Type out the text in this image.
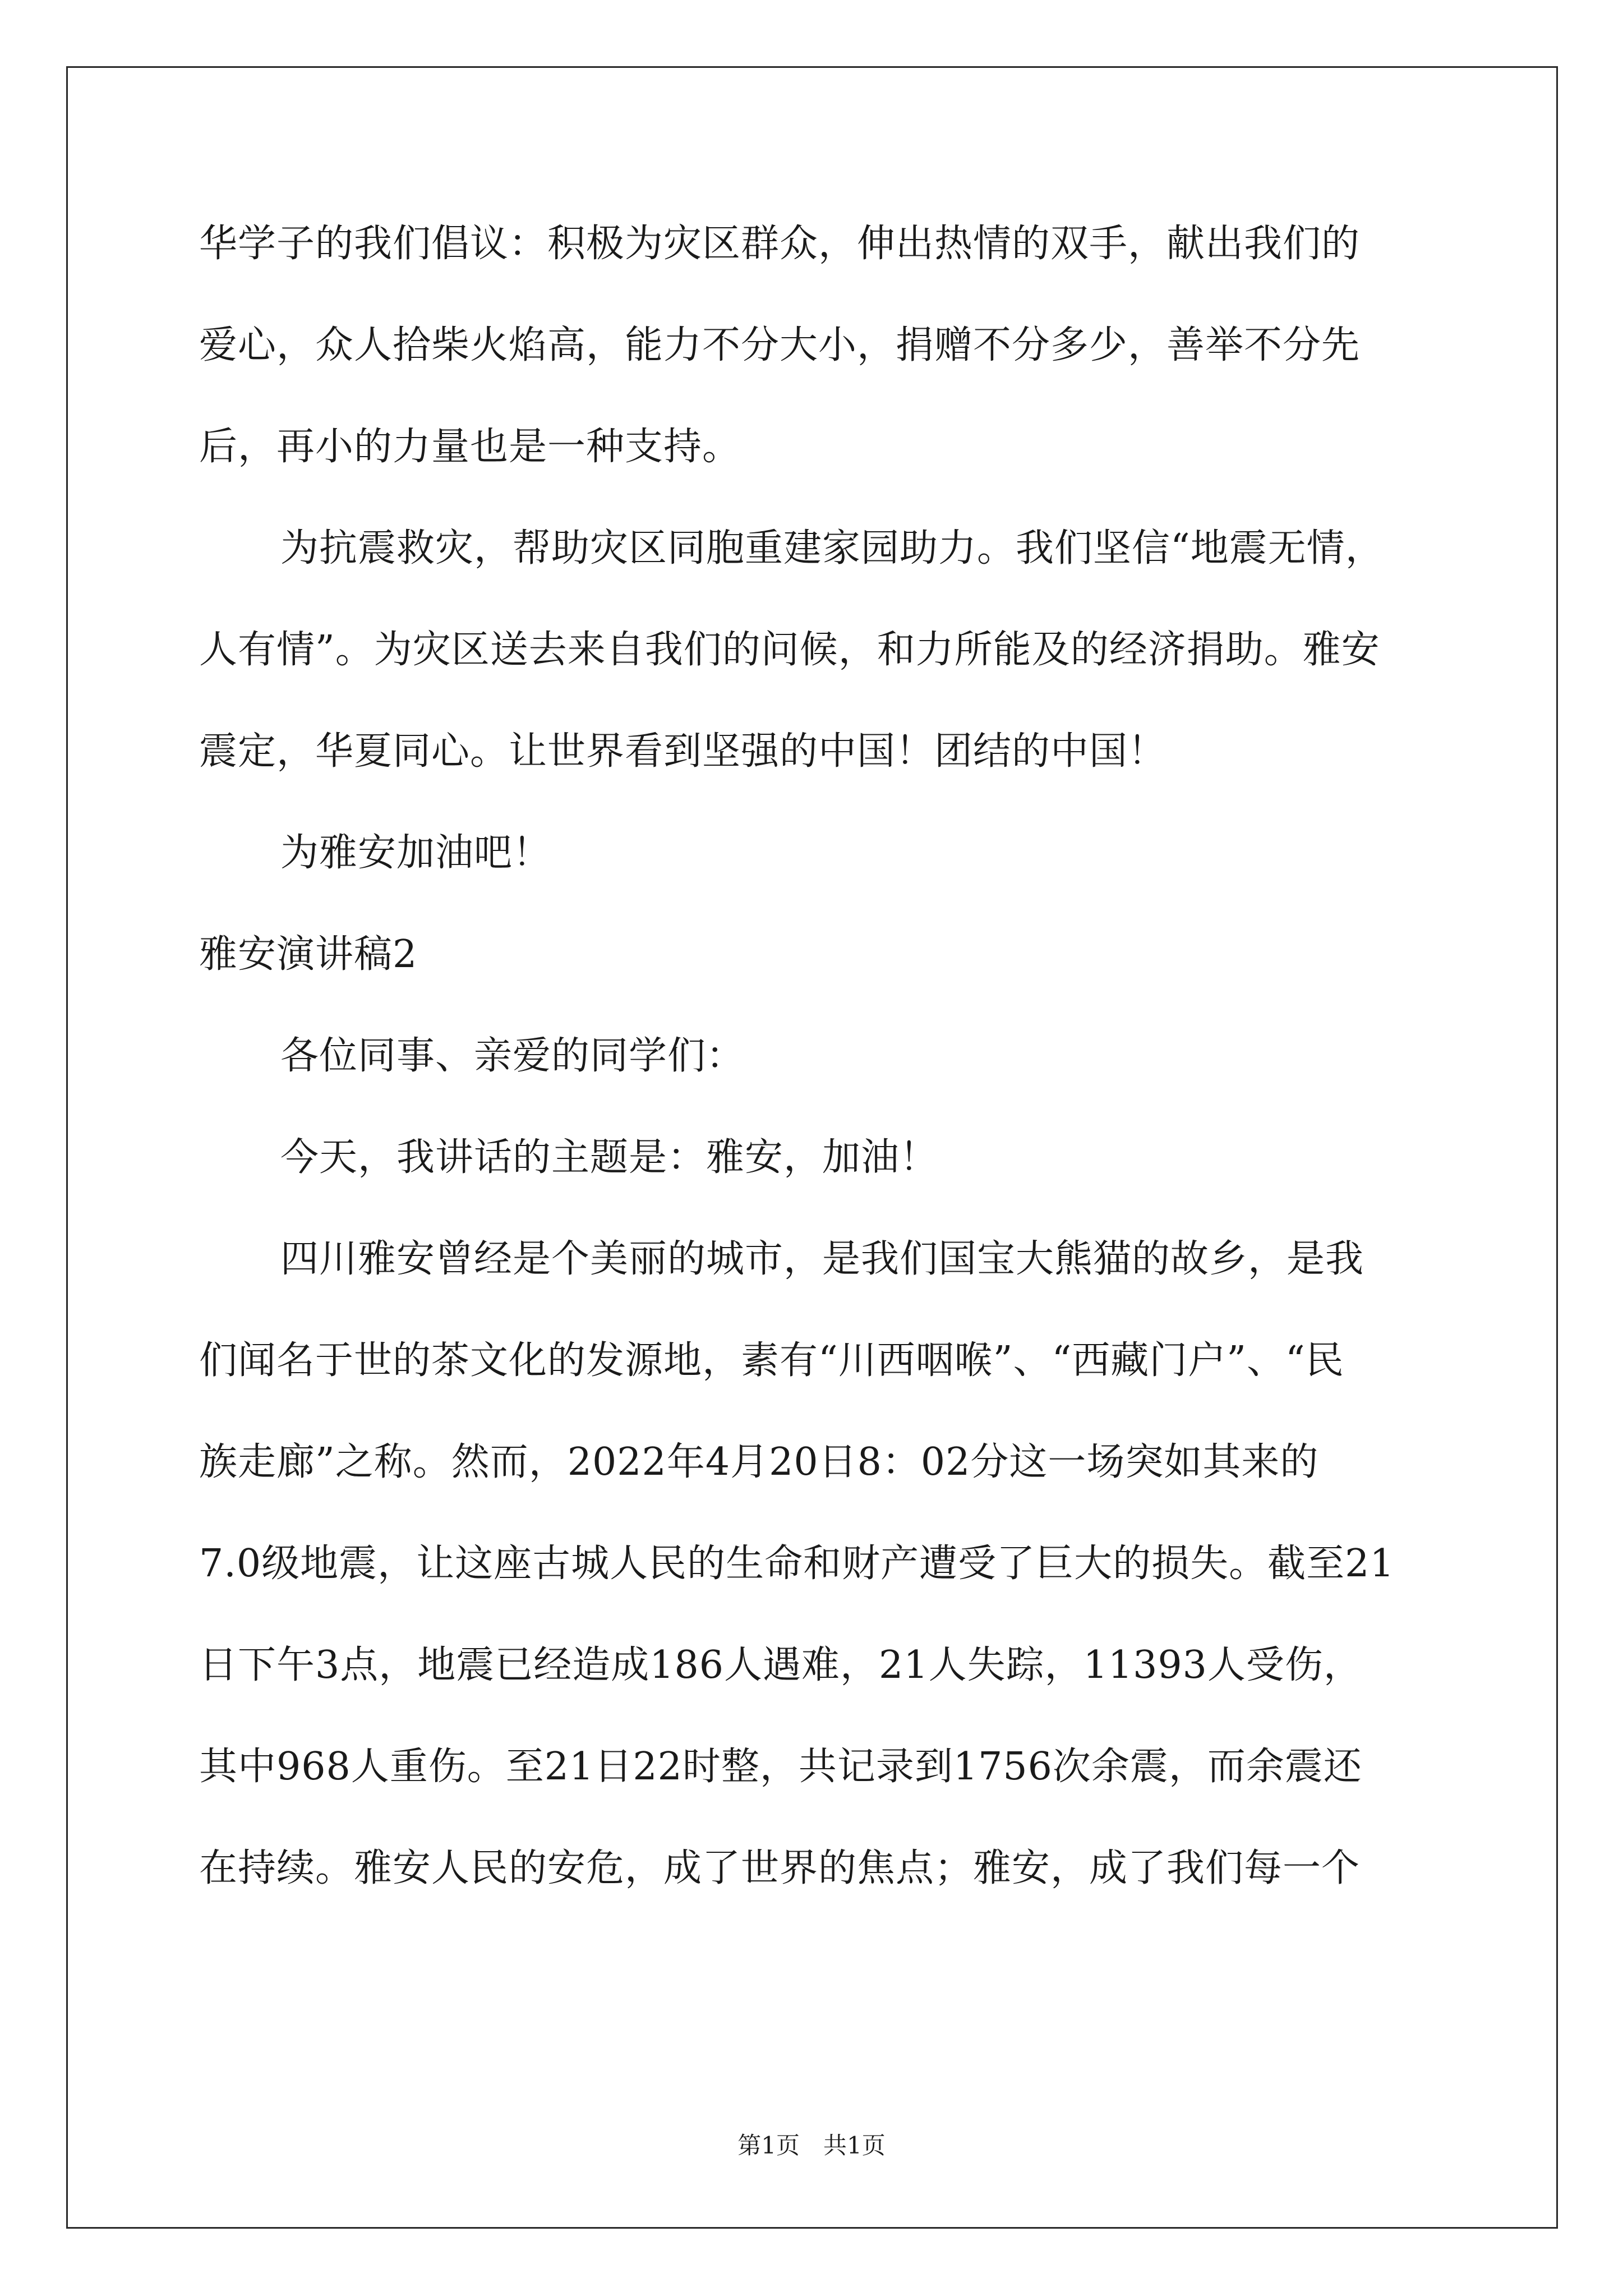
华学子的我们倡议：积极为灾区群众，伸出热情的双手，献出我们的
爱心，众人拾柴火焰高，能力不分大小，捐赠不分多少，善举不分先
后，再小的力量也是一种支持。
为抗震救灾，帮助灾区同胞重建家园助力。我们坚信“地震无情，
人有情”。为灾区送去来自我们的问候，和力所能及的经济捐助。雅安
震定，华夏同心。让世界看到坚强的中国！团结的中国！
为雅安加油吧！
雅安演讲稿2
各位同事、亲爱的同学们：
今天，我讲话的主题是：雅安，加油！
四川雅安曾经是个美丽的城市，是我们国宝大熊猫的故乡，是我
们闻名于世的茶文化的发源地，素有“川西咽喉”、“西藏门户”、“民
族走廊”之称。然而，2022年4月20日8：02分这一场突如其来的
7.0级地震，让这座古城人民的生命和财产遭受了巨大的损失。截至21
日下午3点，地震已经造成186人遇难，21人失踪，11393人受伤，
其中968人重伤。至21日22时整，共记录到1756次余震，而余震还
在持续。雅安人民的安危，成了世界的焦点；雅安，成了我们每一个
第1页　共1页
